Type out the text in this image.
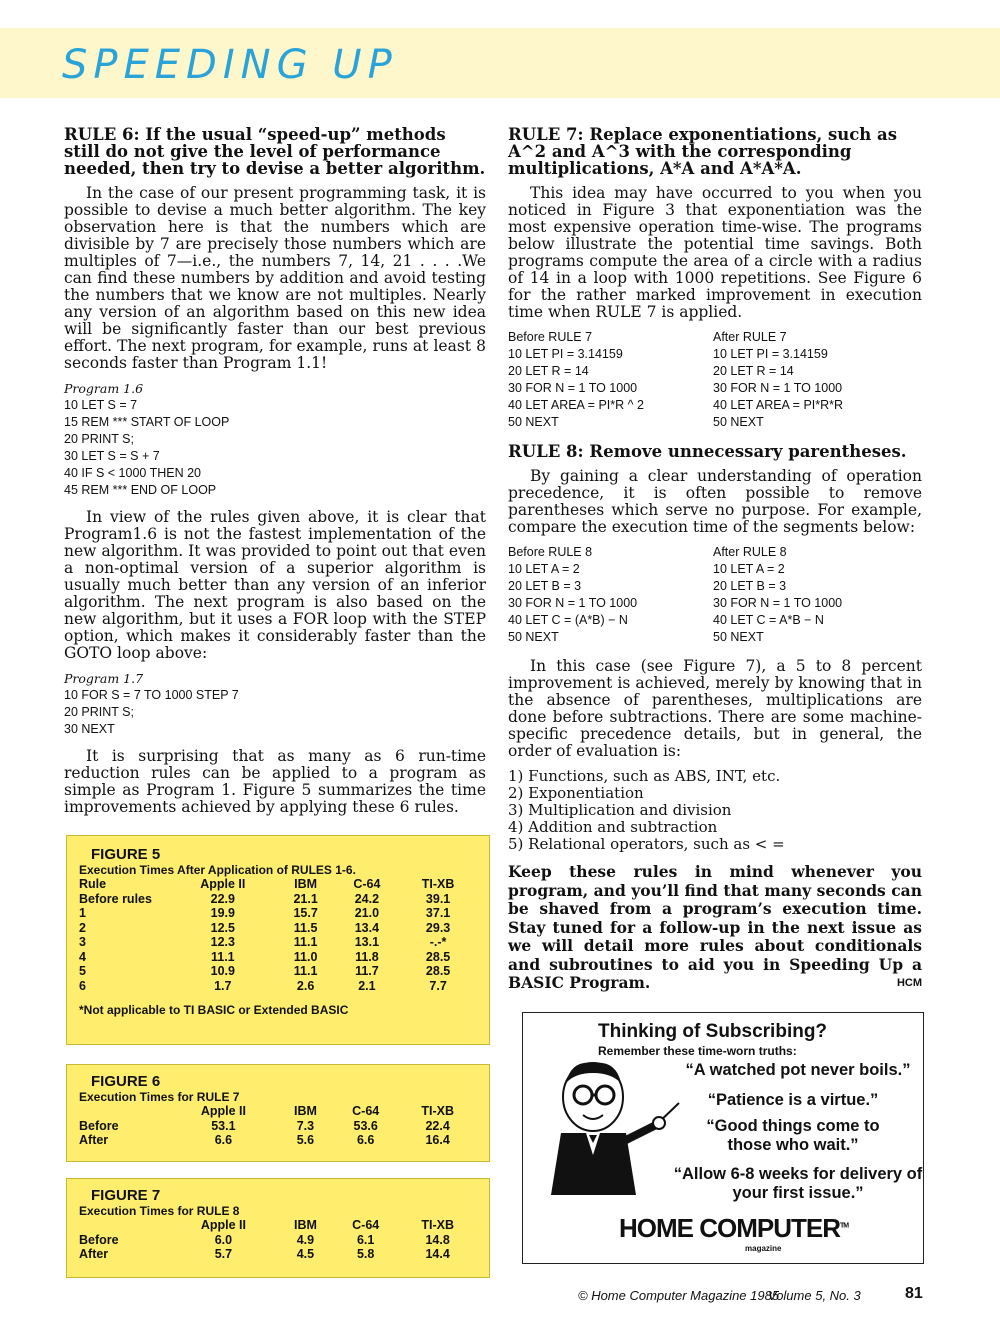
SPEEDING UP
RULE 6: If the usual “speed-up” methods still do not give the level of performance needed, then try to devise a better algorithm.

In the case of our present programming task, it is possible to devise a much better algorithm. The key observation here is that the numbers which are divisible by 7 are precisely those numbers which are multiples of 7—i.e., the numbers 7, 14, 21 . . . .We can find these numbers by addition and avoid testing the numbers that we know are not multiples. Nearly any version of an algorithm based on this new idea will be significantly faster than our best previous effort. The next program, for example, runs at least 8 seconds faster than Program 1.1!

Program 1.6
10 LET S = 7
15 REM *** START OF LOOP
20 PRINT S;
30 LET S = S + 7
40 IF S < 1000 THEN 20
45 REM *** END OF LOOP

In view of the rules given above, it is clear that Program1.6 is not the fastest implementation of the new algorithm. It was provided to point out that even a non-optimal version of a superior algorithm is usually much better than any version of an inferior algorithm. The next program is also based on the new algorithm, but it uses a FOR loop with the STEP option, which makes it considerably faster than the GOTO loop above:

Program 1.7
10 FOR S = 7 TO 1000 STEP 7
20 PRINT S;
30 NEXT

It is surprising that as many as 6 run-time reduction rules can be applied to a program as simple as Program 1. Figure 5 summarizes the time improvements achieved by applying these 6 rules.

FIGURE 5
Execution Times After Application of RULES 1-6.
Rule	Apple II	IBM	C-64	TI-XB
Before rules	22.9	21.1	24.2	39.1
1	19.9	15.7	21.0	37.1
2	12.5	11.5	13.4	29.3
3	12.3	11.1	13.1	-.-*
4	11.1	11.0	11.8	28.5
5	10.9	11.1	11.7	28.5
6	1.7	2.6	2.1	7.7
*Not applicable to TI BASIC or Extended BASIC
FIGURE 6
Execution Times for RULE 7
	Apple II	IBM	C-64	TI-XB
Before	53.1	7.3	53.6	22.4
After	6.6	5.6	6.6	16.4
FIGURE 7
Execution Times for RULE 8
	Apple II	IBM	C-64	TI-XB
Before	6.0	4.9	6.1	14.8
After	5.7	4.5	5.8	14.4
RULE 7: Replace exponentiations, such as A^2 and A^3 with the corresponding multiplications, A*A and A*A*A.

This idea may have occurred to you when you noticed in Figure 3 that exponentiation was the most expensive operation time-wise. The programs below illustrate the potential time savings. Both programs compute the area of a circle with a radius of 14 in a loop with 1000 repetitions. See Figure 6 for the rather marked improvement in execution time when RULE 7 is applied.

Before RULE 7
10 LET PI = 3.14159
20 LET R = 14
30 FOR N = 1 TO 1000
40 LET AREA = PI*R ^ 2
50 NEXT
After RULE 7
10 LET PI = 3.14159
20 LET R = 14
30 FOR N = 1 TO 1000
40 LET AREA = PI*R*R
50 NEXT
RULE 8: Remove unnecessary parentheses.

By gaining a clear understanding of operation precedence, it is often possible to remove parentheses which serve no purpose. For example, compare the execution time of the segments below:

Before RULE 8
10 LET A = 2
20 LET B = 3
30 FOR N = 1 TO 1000
40 LET C = (A*B) − N
50 NEXT
After RULE 8
10 LET A = 2
20 LET B = 3
30 FOR N = 1 TO 1000
40 LET C = A*B − N
50 NEXT

In this case (see Figure 7), a 5 to 8 percent improvement is achieved, merely by knowing that in the absence of parentheses, multiplications are done before subtractions. There are some machine-specific precedence details, but in general, the order of evaluation is:

1) Functions, such as ABS, INT, etc.
2) Exponentiation
3) Multiplication and division
4) Addition and subtraction
5) Relational operators, such as < =
Keep these rules in mind whenever you program, and you’ll find that many seconds can be shaved from a program’s execution time. Stay tuned for a follow-up in the next issue as we will detail more rules about conditionals and subroutines to aid you in Speeding Up a BASIC Program.	HCM
Thinking of Subscribing?
Remember these time-worn truths:
“A watched pot never boils.”
“Patience is a virtue.”
“Good things come to those who wait.”
“Allow 6-8 weeks for delivery of your first issue.”
HOME COMPUTER™
magazine
© Home Computer Magazine 1985
Volume 5, No. 3	81
